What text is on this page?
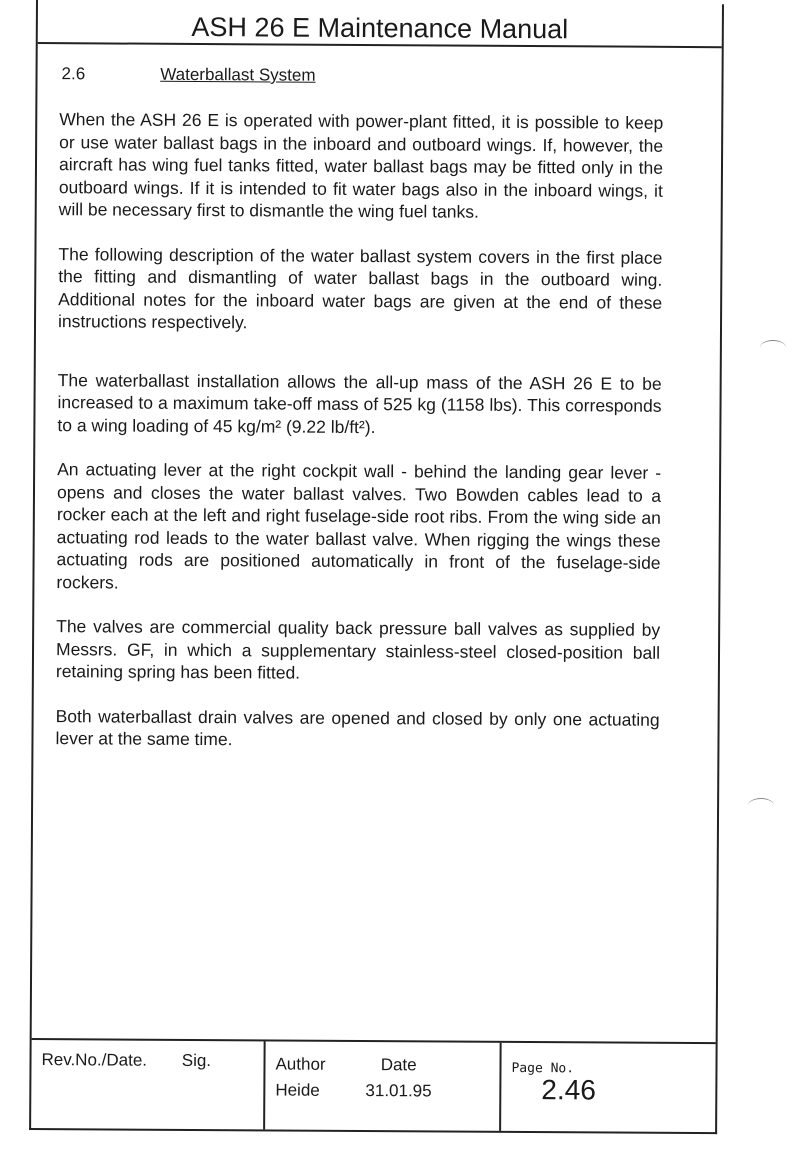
ASH 26 E Maintenance Manual
2.6	Waterballast System

When the ASH 26 E is operated with power-plant fitted, it is possible to keep or use water ballast bags in the inboard and outboard wings. If, however, the aircraft has wing fuel tanks fitted, water ballast bags may be fitted only in the outboard wings. If it is intended to fit water bags also in the inboard wings, it will be necessary first to dismantle the wing fuel tanks.

The following description of the water ballast system covers in the first place the fitting and dismantling of water ballast bags in the outboard wing. Additional notes for the inboard water bags are given at the end of these instructions respectively.

The waterballast installation allows the all-up mass of the ASH 26 E to be increased to a maximum take-off mass of 525 kg (1158 lbs). This corresponds to a wing loading of 45 kg/m² (9.22 lb/ft²).

An actuating lever at the right cockpit wall - behind the landing gear lever - opens and closes the water ballast valves. Two Bowden cables lead to a rocker each at the left and right fuselage-side root ribs. From the wing side an actuating rod leads to the water ballast valve. When rigging the wings these actuating rods are positioned automatically in front of the fuselage-side rockers.

The valves are commercial quality back pressure ball valves as supplied by Messrs. GF, in which a supplementary stainless-steel closed-position ball retaining spring has been fitted.

Both waterballast drain valves are opened and closed by only one actuating lever at the same time.

Rev.No./Date. Sig.	Author
Heide
Date
31.01.95
Page No.
2.46
